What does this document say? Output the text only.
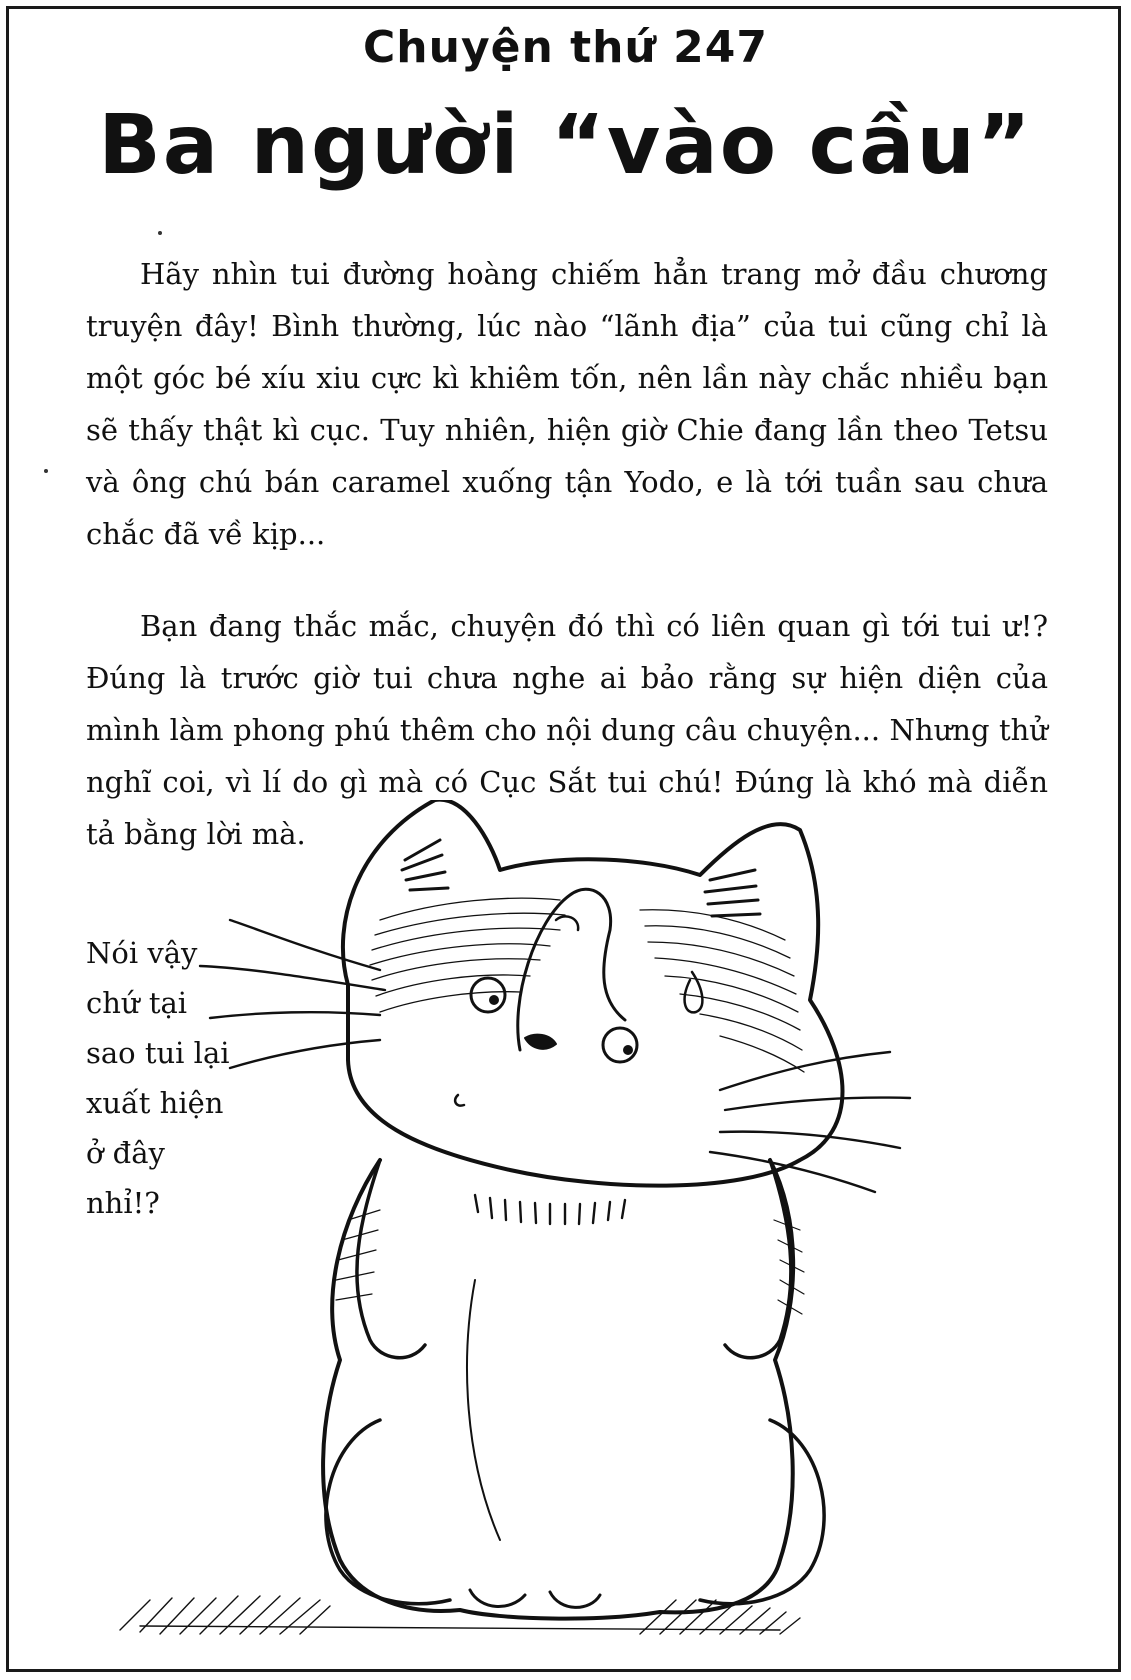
Chuyện thứ 247
Ba người “vào cầu”

Hãy nhìn tui đường hoàng chiếm hẳn trang mở đầu chương truyện đây! Bình thường, lúc nào “lãnh địa” của tui cũng chỉ là một góc bé xíu xiu cực kì khiêm tốn, nên lần này chắc nhiều bạn sẽ thấy thật kì cục. Tuy nhiên, hiện giờ Chie đang lần theo Tetsu và ông chú bán caramel xuống tận Yodo, e là tới tuần sau chưa chắc đã về kịp...

Bạn đang thắc mắc, chuyện đó thì có liên quan gì tới tui ư!? Đúng là trước giờ tui chưa nghe ai bảo rằng sự hiện diện của mình làm phong phú thêm cho nội dung câu chuyện... Nhưng thử nghĩ coi, vì lí do gì mà có Cục Sắt tui chú! Đúng là khó mà diễn tả bằng lời mà.

Nói vậy
chứ tại
sao tui lại
xuất hiện
ở đây
nhỉ!?
